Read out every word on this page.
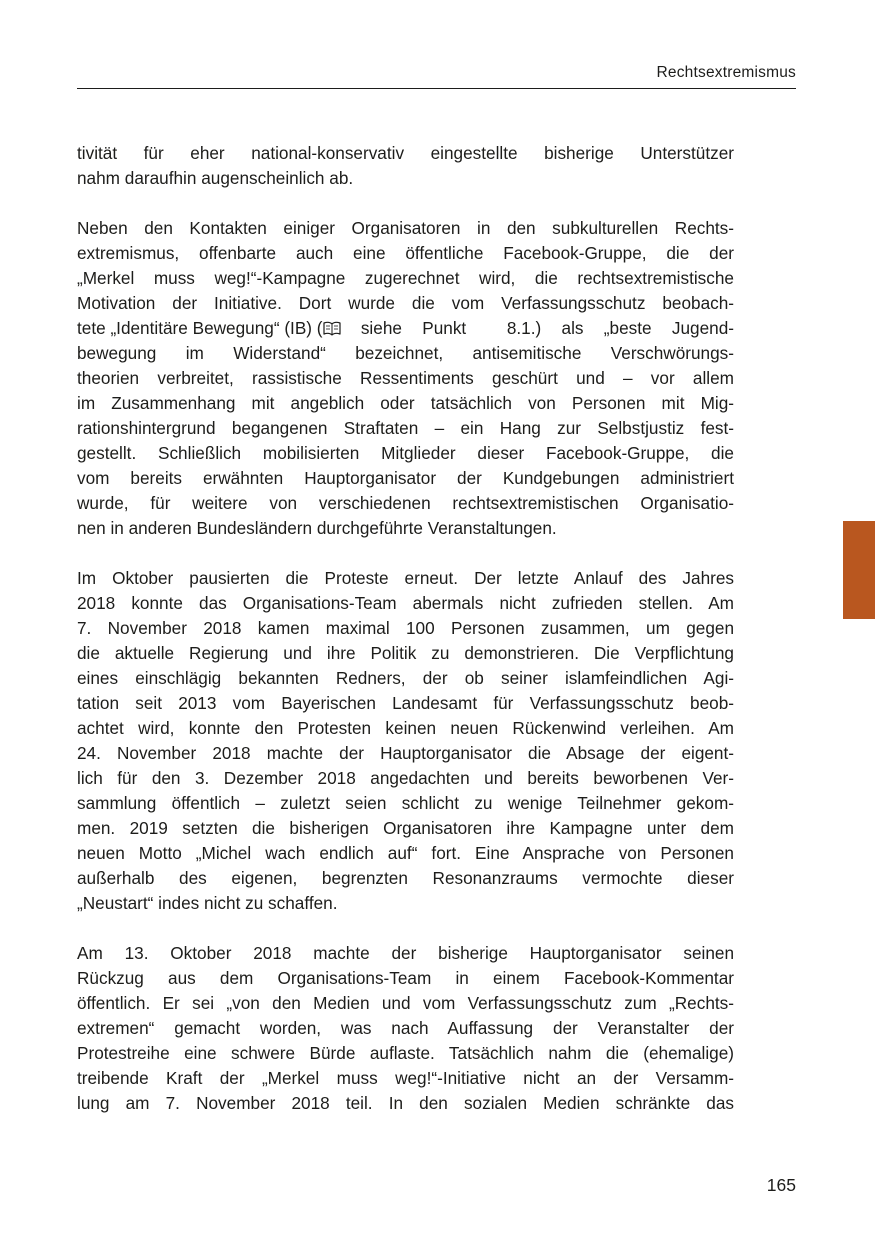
Rechtsextremismus

tivität für eher national-konservativ eingestellte bisherige Unterstützer
nahm daraufhin augenscheinlich ab.

Neben den Kontakten einiger Organisatoren in den subkulturellen Rechts-
extremismus, offenbarte auch eine öffentliche Facebook-Gruppe, die der
„Merkel muss weg!“-Kampagne zugerechnet wird, die rechtsextremistische
Motivation der Initiative. Dort wurde die vom Verfassungsschutz beobach-
tete „Identitäre Bewegung“ (IB) ( siehe Punkt  8.1.) als „beste Jugend-
bewegung im Widerstand“ bezeichnet, antisemitische Verschwörungs-
theorien verbreitet, rassistische Ressentiments geschürt und – vor allem
im Zusammenhang mit angeblich oder tatsächlich von Personen mit Mig-
rationshintergrund begangenen Straftaten – ein Hang zur Selbstjustiz fest-
gestellt. Schließlich mobilisierten Mitglieder dieser Facebook-Gruppe, die
vom bereits erwähnten Hauptorganisator der Kundgebungen administriert
wurde, für weitere von verschiedenen rechtsextremistischen Organisatio-
nen in anderen Bundesländern durchgeführte Veranstaltungen.

Im Oktober pausierten die Proteste erneut. Der letzte Anlauf des Jahres
2018 konnte das Organisations-Team abermals nicht zufrieden stellen. Am
7. November 2018 kamen maximal 100 Personen zusammen, um gegen
die aktuelle Regierung und ihre Politik zu demonstrieren. Die Verpflichtung
eines einschlägig bekannten Redners, der ob seiner islamfeindlichen Agi-
tation seit 2013 vom Bayerischen Landesamt für Verfassungsschutz beob-
achtet wird, konnte den Protesten keinen neuen Rückenwind verleihen. Am
24. November 2018 machte der Hauptorganisator die Absage der eigent-
lich für den 3. Dezember 2018 angedachten und bereits beworbenen Ver-
sammlung öffentlich – zuletzt seien schlicht zu wenige Teilnehmer gekom-
men. 2019 setzten die bisherigen Organisatoren ihre Kampagne unter dem
neuen Motto „Michel wach endlich auf“ fort. Eine Ansprache von Personen
außerhalb des eigenen, begrenzten Resonanzraums vermochte dieser
„Neustart“ indes nicht zu schaffen.

Am 13. Oktober 2018 machte der bisherige Hauptorganisator seinen
Rückzug aus dem Organisations-Team in einem Facebook-Kommentar
öffentlich. Er sei „von den Medien und vom Verfassungsschutz zum „Rechts-
extremen“ gemacht worden, was nach Auffassung der Veranstalter der
Protestreihe eine schwere Bürde auflaste. Tatsächlich nahm die (ehemalige)
treibende Kraft der „Merkel muss weg!“-Initiative nicht an der Versamm-
lung am 7. November 2018 teil. In den sozialen Medien schränkte das

165
